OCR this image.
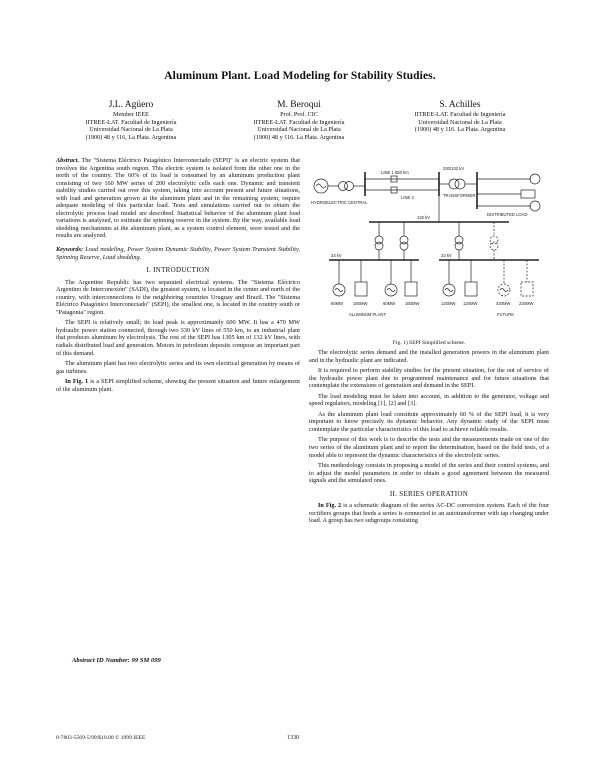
Aluminum Plant. Load Modeling for Stability Studies.
J.L. Agüero
Member IEEE
IITREE-LAT. Facultad de Ingeniería
Universidad Nacional de La Plata
(1900) 48 y 116, La Plata. Argentina
M. Beroqui
Prof. Prof. CIC
IITREE-LAT. Facultad de Ingeniería
Universidad Nacional de La Plata
(1900) 48 y 116. La Plata. Argentina
S. Achilles
IITREE-LAT. Facultad de Ingeniería
Universidad Nacional de La Plata
(1900) 48 y 116. La Plata. Argentina

Abstract. The "Sistema Eléctrico Patagónico Interconectado (SEPI)" is an electric system that involves the Argentina south region. This electric system is isolated from the other one in the north of the country. The 60% of its load is consumed by an aluminum production plant consisting of two 160 MW series of 200 electrolytic cells each one. Dynamic and transient stability studies carried out over this system, taking into account present and future situations, with load and generation grown at the aluminum plant and in the remaining system, require adequate modeling of this particular load. Tests and simulations carried out to obtain the electrolytic process load model are described. Statistical behavior of the aluminum plant load variations is analyzed, to estimate the spinning reserve in the system. By the way, available load shedding mechanisms at the aluminum plant, as a system control element, were tested and the results are analyzed.

Keywords: Load modeling, Power System Dynamic Stability, Power System Transient Stability, Spinning Reserve, Load shedding.

I. INTRODUCTION

The Argentine Republic has two separated electrical systems. The "Sistema Eléctrico Argentino de Interconexión" (SADI), the greatest system, is located in the center and north of the country, with interconnections to the neighboring countries Uruguay and Brazil. The "Sistema Eléctrico Patagónico Interconectado" (SEPI), the smallest one, is located in the country south or "Patagonia" region.

The SEPI is relatively small; its load peak is approximately 600 MW. It has a 470 MW hydraulic power station connected, through two 330 kV lines of 550 km, to an industrial plant that produces aluminum by electrolysis. The rest of the SEPI has 1305 km of 132 kV lines, with radials distributed load and generation. Motors in petroleum deposits compose an important part of this demand.

The aluminum plant has two electrolytic series and its own electrical generation by means of gas turbines.

In Fig. 1 is a SEPI simplified scheme, showing the present situation and future enlargement of the aluminum plant.

Abstract ID Number: 99 SM 099
HYDROELECTRIC CENTRAL
LINE 1 550 km
LINE 2
330/132 kV
TRANSFORMER
DISTRIBUTED LOAD
132 kV
33 kV	33 kV
60MW 160MW	60MW 160MW	120MW 120MW	420MW 220MW
ALUMINUM PLANT	FUTURE
Fig. 1) SEPI Simplified scheme.

The electrolytic series demand and the installed generation powers in the aluminum plant and in the hydraulic plant are indicated.

It is required to perform stability studies for the present situation, for the out of service of the hydraulic power plant due to programmed maintenance and for future situations that contemplate the extensions of generation and demand in the SEPI.

The load modeling must be taken into account, in addition to the generator, voltage and speed regulators, modeling [1], [2] and [3].

As the aluminum plant load constitute approximately 60 % of the SEPI load, it is very important to know precisely its dynamic behavior. Any dynamic study of the SEPI must contemplate the particular characteristics of this load to achieve reliable results.

The purpose of this work is to describe the tests and the measurements made on one of the two series of the aluminum plant and to report the determination, based on the field tests, of a model able to represent the dynamic characteristics of the electrolytic series.

This methodology consists in proposing a model of the series and their control systems, and to adjust the model parameters in order to obtain a good agreement between the measured signals and the simulated ones.

II. SERIES OPERATION

In Fig. 2 is a schematic diagram of the series AC-DC conversion system. Each of the four rectifiers groups that feeds a series is connected to an autotransformer with tap changing under load. A group has two subgroups consisting

0-7803-5569-5/99/$10.00 © 1999 IEEE	1330
